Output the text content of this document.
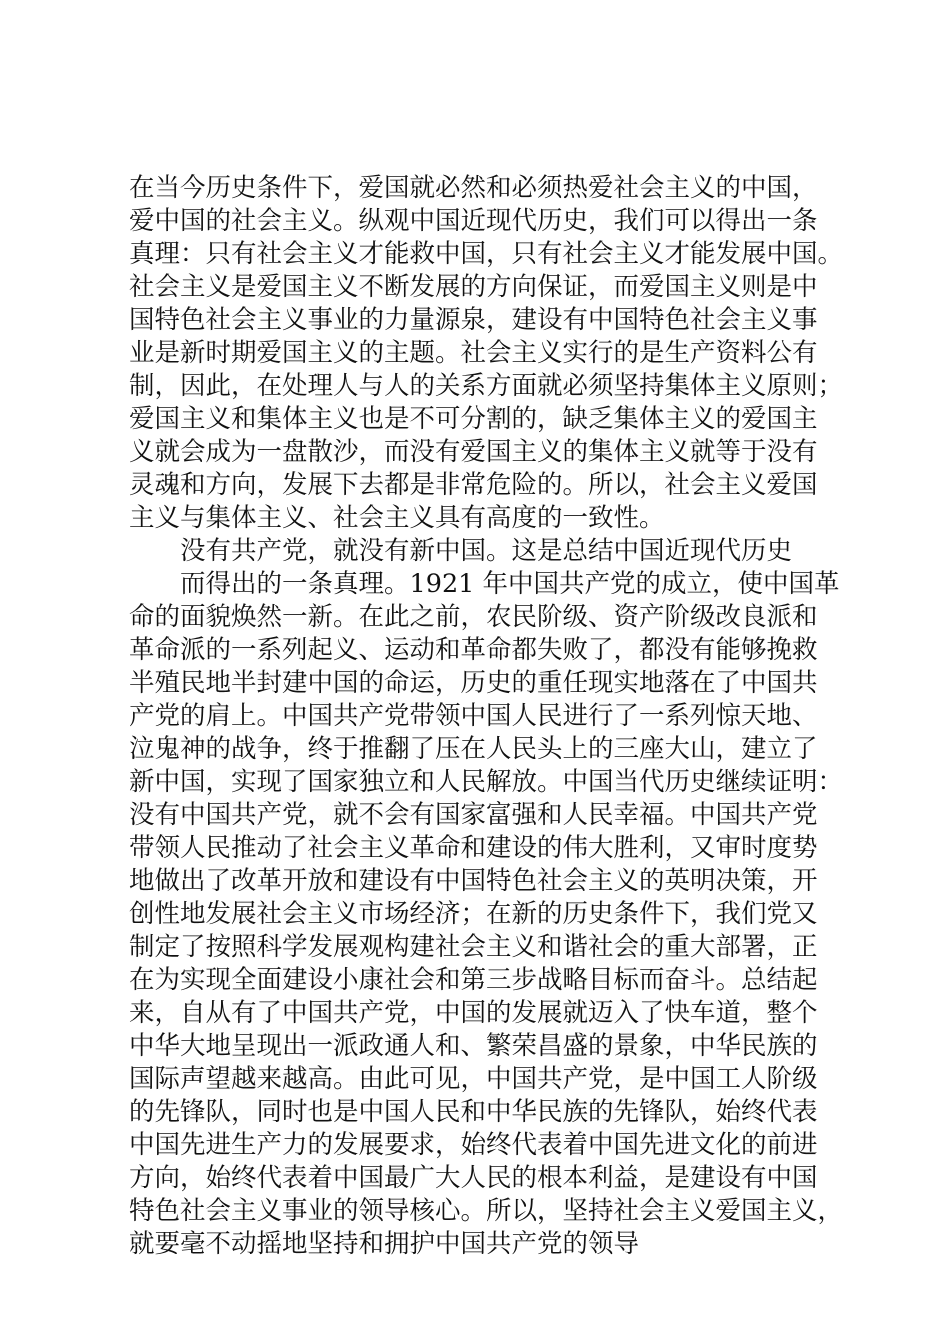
在当今历史条件下，爱国就必然和必须热爱社会主义的中国，
爱中国的社会主义。纵观中国近现代历史，我们可以得出一条
真理：只有社会主义才能救中国，只有社会主义才能发展中国。
社会主义是爱国主义不断发展的方向保证，而爱国主义则是中
国特色社会主义事业的力量源泉，建设有中国特色社会主义事
业是新时期爱国主义的主题。社会主义实行的是生产资料公有
制，因此，在处理人与人的关系方面就必须坚持集体主义原则；
爱国主义和集体主义也是不可分割的，缺乏集体主义的爱国主
义就会成为一盘散沙，而没有爱国主义的集体主义就等于没有
灵魂和方向，发展下去都是非常危险的。所以，社会主义爱国
主义与集体主义、社会主义具有高度的一致性。
没有共产党，就没有新中国。这是总结中国近现代历史
而得出的一条真理。1921 年中国共产党的成立，使中国革
命的面貌焕然一新。在此之前，农民阶级、资产阶级改良派和
革命派的一系列起义、运动和革命都失败了，都没有能够挽救
半殖民地半封建中国的命运，历史的重任现实地落在了中国共
产党的肩上。中国共产党带领中国人民进行了一系列惊天地、
泣鬼神的战争，终于推翻了压在人民头上的三座大山，建立了
新中国，实现了国家独立和人民解放。中国当代历史继续证明：
没有中国共产党，就不会有国家富强和人民幸福。中国共产党
带领人民推动了社会主义革命和建设的伟大胜利，又审时度势
地做出了改革开放和建设有中国特色社会主义的英明决策，开
创性地发展社会主义市场经济；在新的历史条件下，我们党又
制定了按照科学发展观构建社会主义和谐社会的重大部署，正
在为实现全面建设小康社会和第三步战略目标而奋斗。总结起
来，自从有了中国共产党，中国的发展就迈入了快车道，整个
中华大地呈现出一派政通人和、繁荣昌盛的景象，中华民族的
国际声望越来越高。由此可见，中国共产党，是中国工人阶级
的先锋队，同时也是中国人民和中华民族的先锋队，始终代表
中国先进生产力的发展要求，始终代表着中国先进文化的前进
方向，始终代表着中国最广大人民的根本利益，是建设有中国
特色社会主义事业的领导核心。所以，坚持社会主义爱国主义，
就要毫不动摇地坚持和拥护中国共产党的领导
